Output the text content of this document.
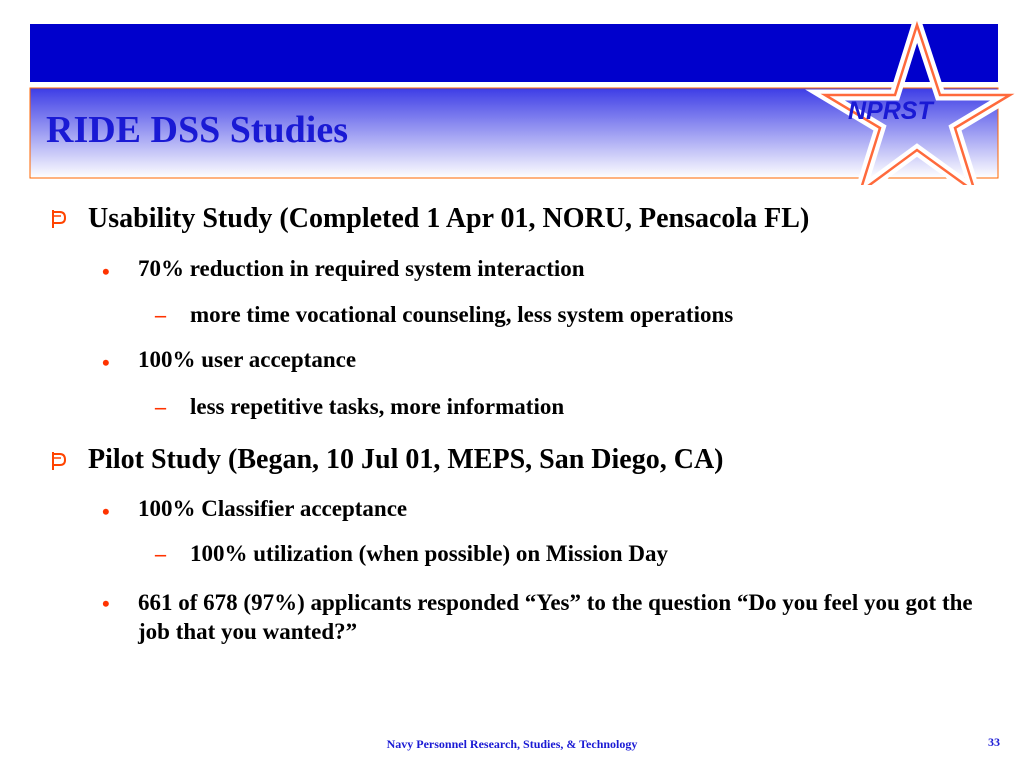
RIDE DSS Studies	NPRST
Usability Study (Completed 1 Apr 01, NORU, Pensacola FL)
• 70% reduction in required system interaction
– more time vocational counseling, less system operations
• 100% user acceptance
– less repetitive tasks, more information
Pilot Study (Began, 10 Jul 01, MEPS, San Diego, CA)
• 100% Classifier acceptance
– 100% utilization (when possible) on Mission Day
• 661 of 678 (97%) applicants responded “Yes” to the question “Do you feel you got the job that you wanted?”
Navy Personnel Research, Studies, & Technology	33
